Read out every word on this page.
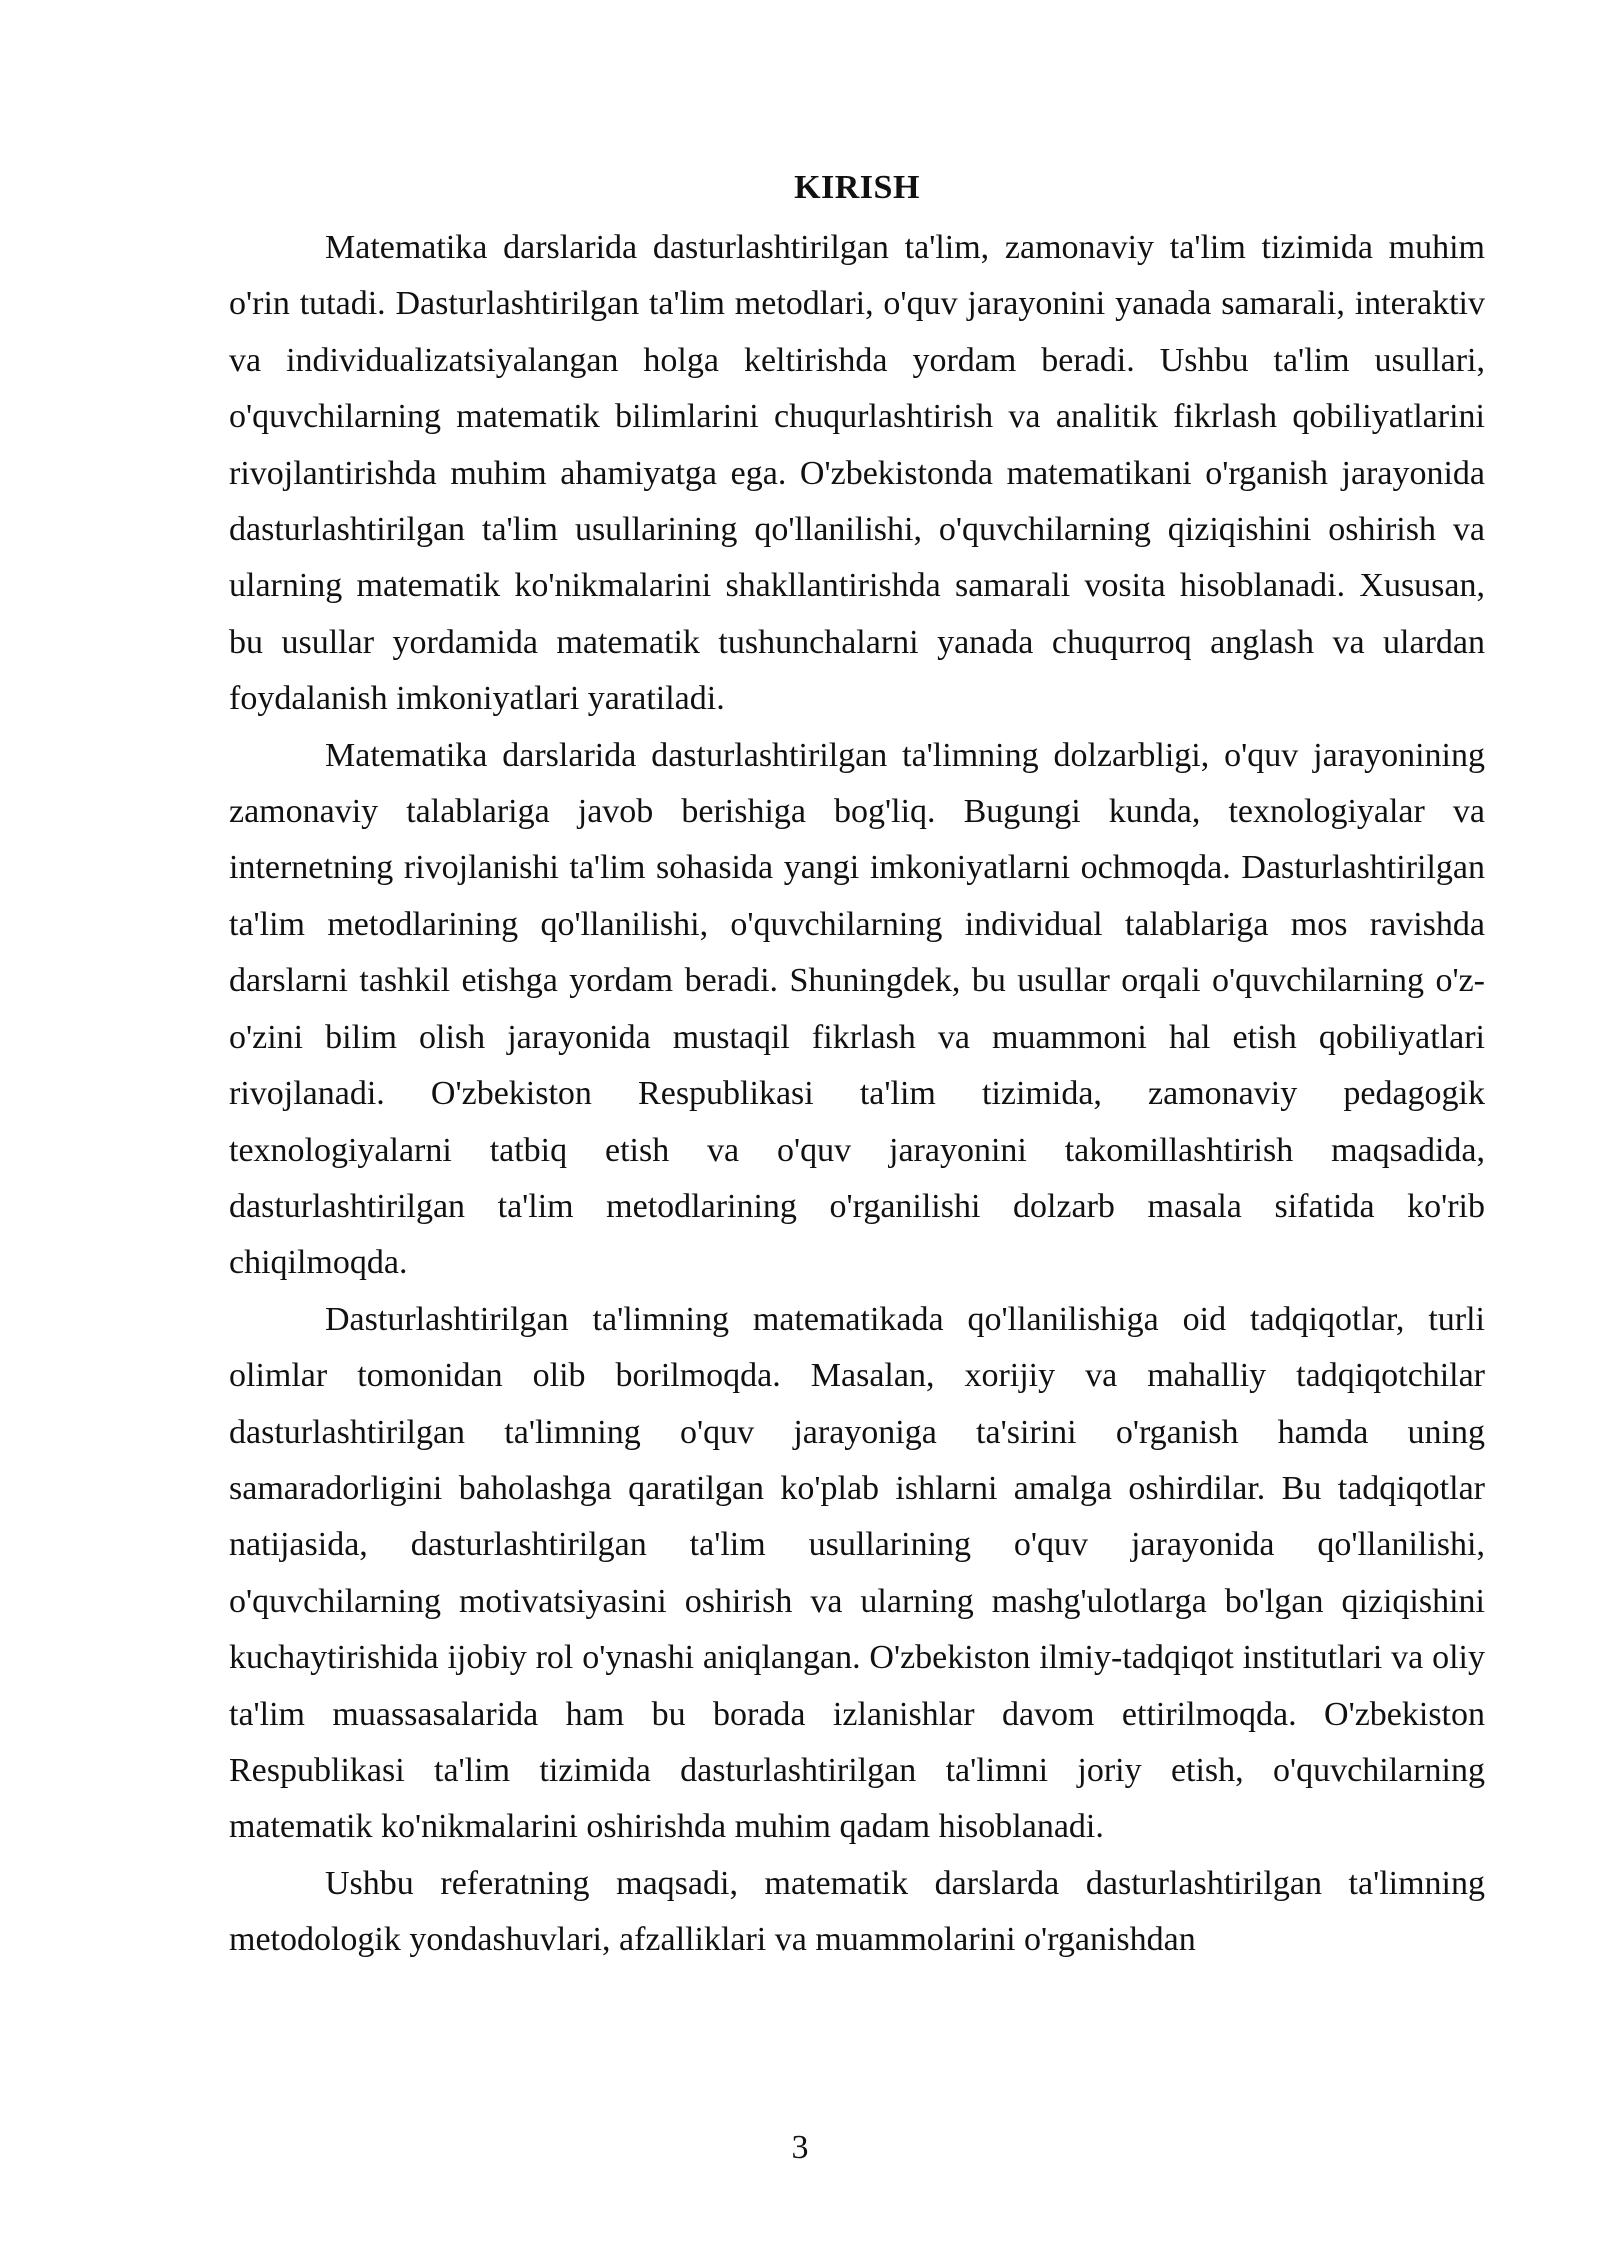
KIRISH

Matematika darslarida dasturlashtirilgan ta'lim, zamonaviy ta'lim tizimida muhim o'rin tutadi. Dasturlashtirilgan ta'lim metodlari, o'quv jarayonini yanada samarali, interaktiv va individualizatsiyalangan holga keltirishda yordam beradi. Ushbu ta'lim usullari, o'quvchilarning matematik bilimlarini chuqurlashtirish va analitik fikrlash qobiliyatlarini rivojlantirishda muhim ahamiyatga ega. O'zbekistonda matematikani o'rganish jarayonida dasturlashtirilgan ta'lim usullarining qo'llanilishi, o'quvchilarning qiziqishini oshirish va ularning matematik ko'nikmalarini shakllantirishda samarali vosita hisoblanadi. Xususan, bu usullar yordamida matematik tushunchalarni yanada chuqurroq anglash va ulardan foydalanish imkoniyatlari yaratiladi.

Matematika darslarida dasturlashtirilgan ta'limning dolzarbligi, o'quv jarayonining zamonaviy talablariga javob berishiga bog'liq. Bugungi kunda, texnologiyalar va internetning rivojlanishi ta'lim sohasida yangi imkoniyatlarni ochmoqda. Dasturlashtirilgan ta'lim metodlarining qo'llanilishi, o'quvchilarning individual talablariga mos ravishda darslarni tashkil etishga yordam beradi. Shuningdek, bu usullar orqali o'quvchilarning o'z-o'zini bilim olish jarayonida mustaqil fikrlash va muammoni hal etish qobiliyatlari rivojlanadi. O'zbekiston Respublikasi ta'lim tizimida, zamonaviy pedagogik texnologiyalarni tatbiq etish va o'quv jarayonini takomillashtirish maqsadida, dasturlashtirilgan ta'lim metodlarining o'rganilishi dolzarb masala sifatida ko'rib chiqilmoqda.

Dasturlashtirilgan ta'limning matematikada qo'llanilishiga oid tadqiqotlar, turli olimlar tomonidan olib borilmoqda. Masalan, xorijiy va mahalliy tadqiqotchilar dasturlashtirilgan ta'limning o'quv jarayoniga ta'sirini o'rganish hamda uning samaradorligini baholashga qaratilgan ko'plab ishlarni amalga oshirdilar. Bu tadqiqotlar natijasida, dasturlashtirilgan ta'lim usullarining o'quv jarayonida qo'llanilishi, o'quvchilarning motivatsiyasini oshirish va ularning mashg'ulotlarga bo'lgan qiziqishini kuchaytirishida ijobiy rol o'ynashi aniqlangan. O'zbekiston ilmiy-tadqiqot institutlari va oliy ta'lim muassasalarida ham bu borada izlanishlar davom ettirilmoqda. O'zbekiston Respublikasi ta'lim tizimida dasturlashtirilgan ta'limni joriy etish, o'quvchilarning matematik ko'nikmalarini oshirishda muhim qadam hisoblanadi.

Ushbu referatning maqsadi, matematik darslarda dasturlashtirilgan ta'limning metodologik yondashuvlari, afzalliklari va muammolarini o'rganishdan

3
